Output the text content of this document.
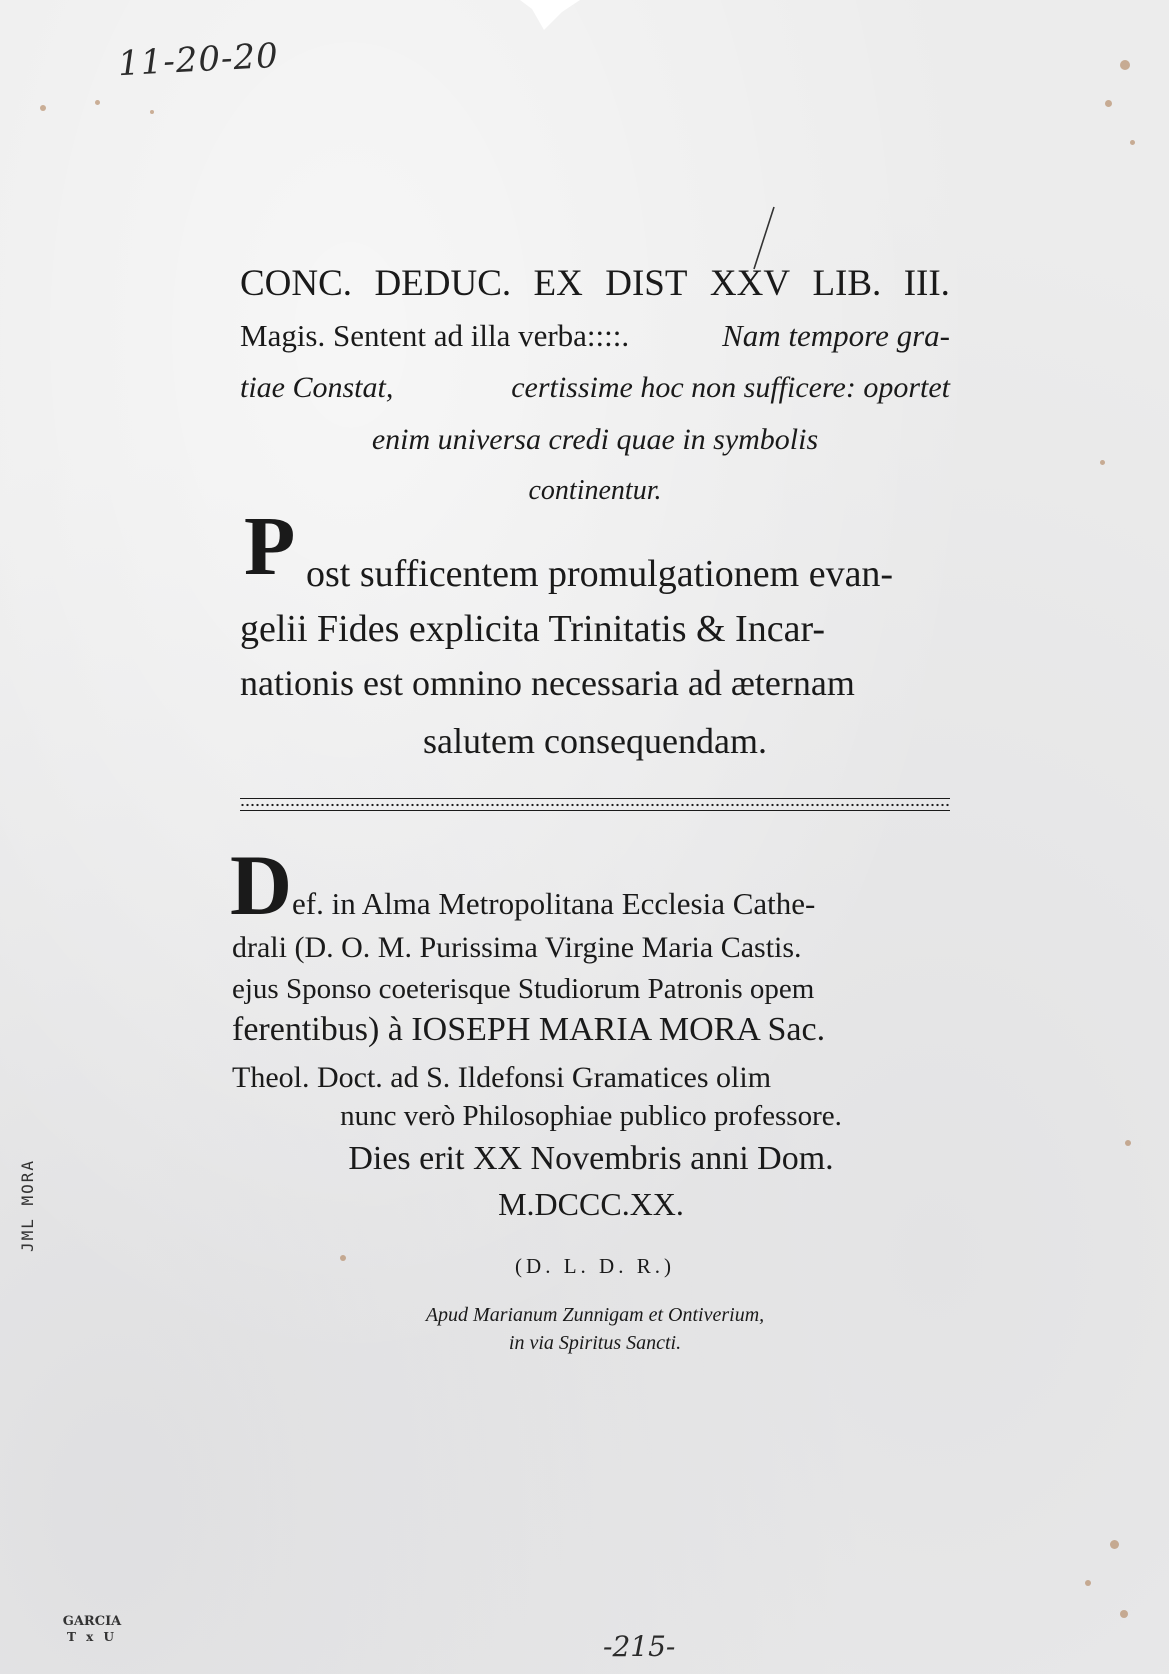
11-20-20
CONC. DEDUC. EX DIST XXV LIB. III.
Magis. Sentent ad illa verba::::.	Nam tempore gra-
tiae Constat,	certissime hoc non sufficere: oportet
enim universa credi quae in symbolis
continentur.
P ost sufficentem promulgationem evan-
gelii Fides explicita Trinitatis & Incar-
nationis est omnino necessaria ad æternam
salutem consequendam.
D ef. in Alma Metropolitana Ecclesia Cathe-
drali (D. O. M. Purissima Virgine Maria Castis.
ejus Sponso coeterisque Studiorum Patronis opem
ferentibus) à IOSEPH MARIA MORA Sac.
Theol. Doct. ad S. Ildefonsi Gramatices olim
nunc verò Philosophiae publico professore.
Dies erit XX Novembris anni Dom.
M.DCCC.XX.
(D. L. D. R.)
Apud Marianum Zunnigam et Ontiverium,
in via Spiritus Sancti.
JML MORA
GARCIA
T x U	-215-
